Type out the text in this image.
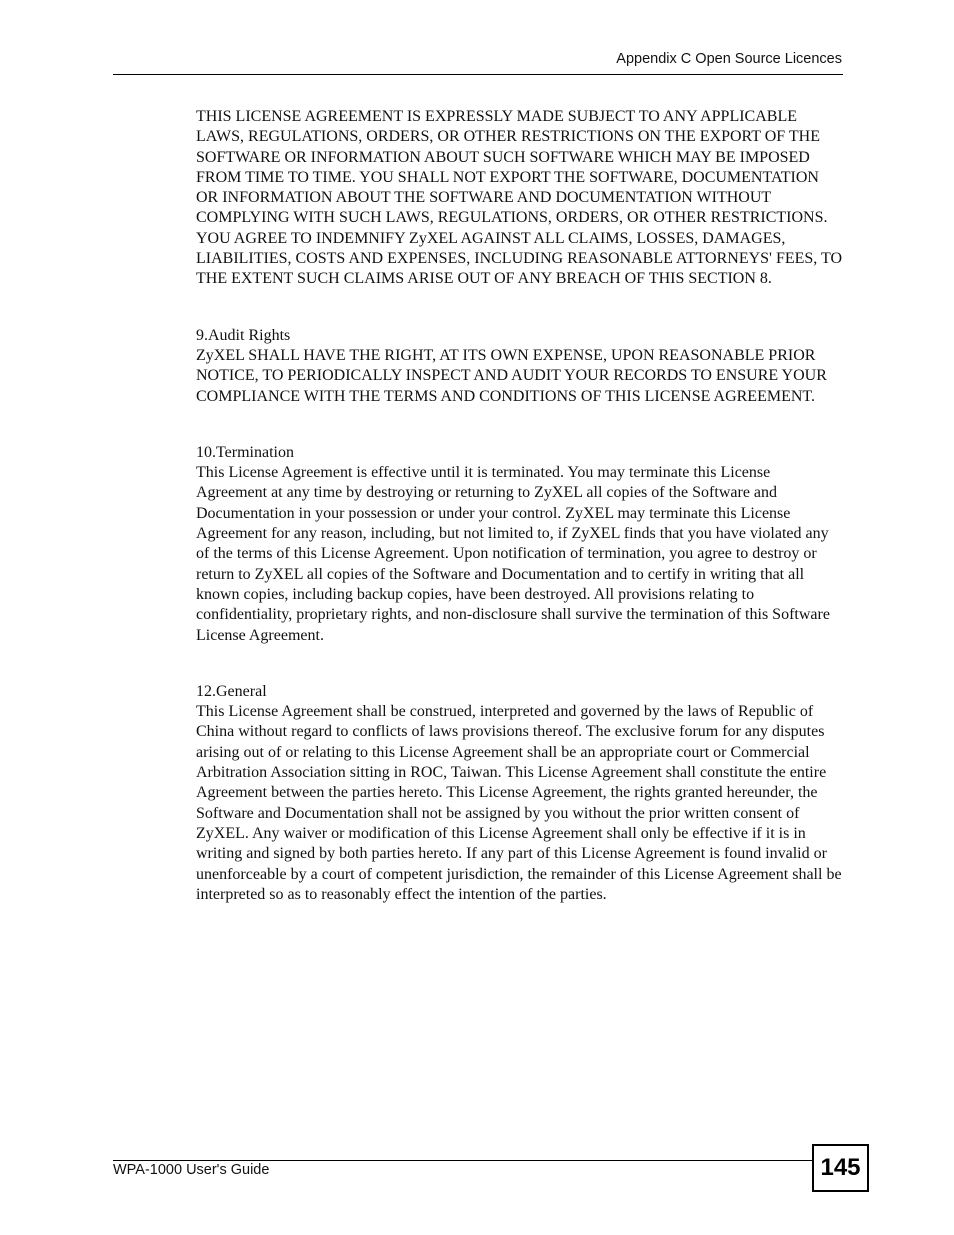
Appendix C Open Source Licences

THIS LICENSE AGREEMENT IS EXPRESSLY MADE SUBJECT TO ANY APPLICABLE LAWS, REGULATIONS, ORDERS, OR OTHER RESTRICTIONS ON THE EXPORT OF THE SOFTWARE OR INFORMATION ABOUT SUCH SOFTWARE WHICH MAY BE IMPOSED FROM TIME TO TIME. YOU SHALL NOT EXPORT THE SOFTWARE, DOCUMENTATION OR INFORMATION ABOUT THE SOFTWARE AND DOCUMENTATION WITHOUT COMPLYING WITH SUCH LAWS, REGULATIONS, ORDERS, OR OTHER RESTRICTIONS. YOU AGREE TO INDEMNIFY ZyXEL AGAINST ALL CLAIMS, LOSSES, DAMAGES, LIABILITIES, COSTS AND EXPENSES, INCLUDING REASONABLE ATTORNEYS' FEES, TO THE EXTENT SUCH CLAIMS ARISE OUT OF ANY BREACH OF THIS SECTION 8.

9.Audit Rights

ZyXEL SHALL HAVE THE RIGHT, AT ITS OWN EXPENSE, UPON REASONABLE PRIOR NOTICE, TO PERIODICALLY INSPECT AND AUDIT YOUR RECORDS TO ENSURE YOUR COMPLIANCE WITH THE TERMS AND CONDITIONS OF THIS LICENSE AGREEMENT.

10.Termination

This License Agreement is effective until it is terminated. You may terminate this License Agreement at any time by destroying or returning to ZyXEL all copies of the Software and Documentation in your possession or under your control. ZyXEL may terminate this License Agreement for any reason, including, but not limited to, if ZyXEL finds that you have violated any of the terms of this License Agreement. Upon notification of termination, you agree to destroy or return to ZyXEL all copies of the Software and Documentation and to certify in writing that all known copies, including backup copies, have been destroyed. All provisions relating to confidentiality, proprietary rights, and non-disclosure shall survive the termination of this Software License Agreement.

12.General

This License Agreement shall be construed, interpreted and governed by the laws of Republic of China without regard to conflicts of laws provisions thereof. The exclusive forum for any disputes arising out of or relating to this License Agreement shall be an appropriate court or Commercial Arbitration Association sitting in ROC, Taiwan. This License Agreement shall constitute the entire Agreement between the parties hereto. This License Agreement, the rights granted hereunder, the Software and Documentation shall not be assigned by you without the prior written consent of ZyXEL. Any waiver or modification of this License Agreement shall only be effective if it is in writing and signed by both parties hereto. If any part of this License Agreement is found invalid or unenforceable by a court of competent jurisdiction, the remainder of this License Agreement shall be interpreted so as to reasonably effect the intention of the parties.

WPA-1000 User's Guide	145
